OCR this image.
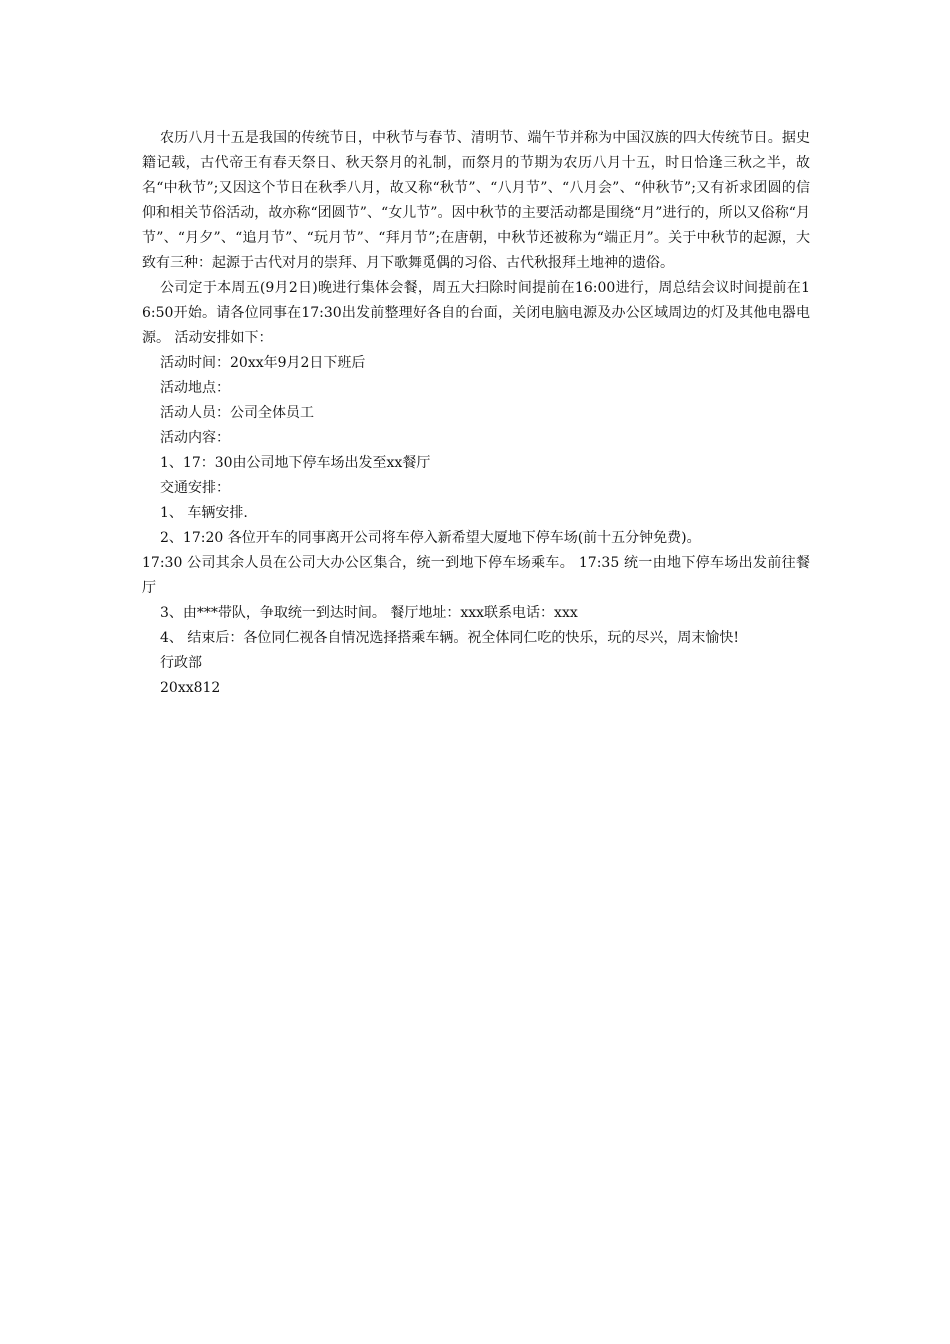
农历八月十五是我国的传统节日，中秋节与春节、清明节、端午节并称为中国汉族的四大传统节日。据史籍记载，古代帝王有春天祭日、秋天祭月的礼制，而祭月的节期为农历八月十五，时日恰逢三秋之半，故名“中秋节”;又因这个节日在秋季八月，故又称“秋节”、“八月节”、“八月会”、“仲秋节”;又有祈求团圆的信仰和相关节俗活动，故亦称“团圆节”、“女儿节”。因中秋节的主要活动都是围绕“月”进行的，所以又俗称“月节”、“月夕”、“追月节”、“玩月节”、“拜月节”;在唐朝，中秋节还被称为“端正月”。关于中秋节的起源，大致有三种：起源于古代对月的崇拜、月下歌舞觅偶的习俗、古代秋报拜土地神的遗俗。

公司定于本周五(9月2日)晚进行集体会餐，周五大扫除时间提前在16:00进行，周总结会议时间提前在16:50开始。请各位同事在17:30出发前整理好各自的台面，关闭电脑电源及办公区域周边的灯及其他电器电源。 活动安排如下：

活动时间：20xx年9月2日下班后

活动地点：

活动人员：公司全体员工

活动内容：

1、17：30由公司地下停车场出发至xx餐厅

交通安排：

1、 车辆安排.

2、17:20 各位开车的同事离开公司将车停入新希望大厦地下停车场(前十五分钟免费)。

17:30 公司其余人员在公司大办公区集合，统一到地下停车场乘车。 17:35 统一由地下停车场出发前往餐厅

3、由***带队，争取统一到达时间。 餐厅地址：xxx联系电话：xxx

4、 结束后：各位同仁视各自情况选择搭乘车辆。祝全体同仁吃的快乐，玩的尽兴，周末愉快!

行政部

20xx812
